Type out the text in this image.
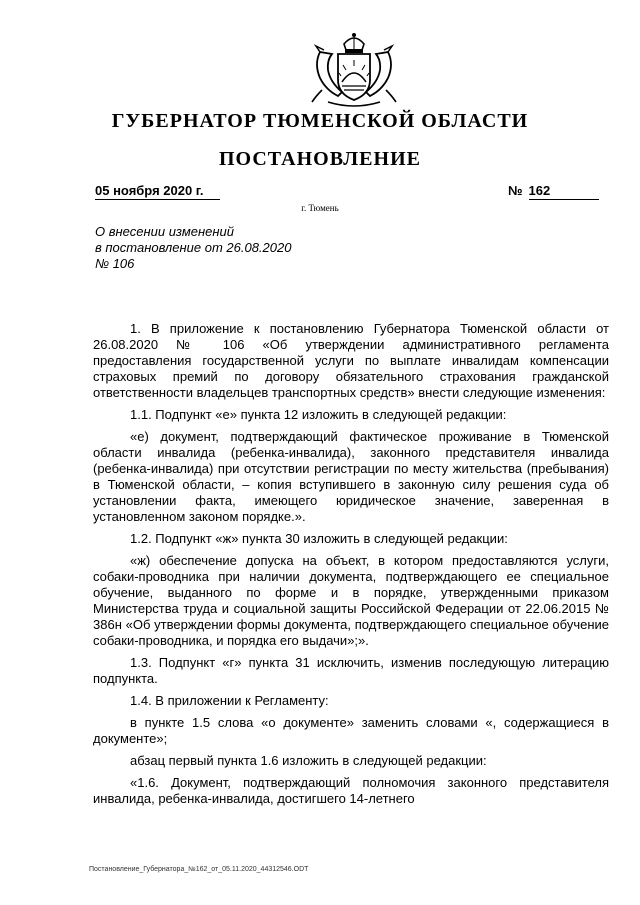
ГУБЕРНАТОР ТЮМЕНСКОЙ ОБЛАСТИ
ПОСТАНОВЛЕНИЕ
05 ноября 2020 г.	№ 162
г. Тюмень
О внесении изменений
в постановление от 26.08.2020
№ 106

1. В приложение к постановлению Губернатора Тюменской области от 26.08.2020 № 106 «Об утверждении административного регламента предоставления государственной услуги по выплате инвалидам компенсации страховых премий по договору обязательного страхования гражданской ответственности владельцев транспортных средств» внести следующие изменения:

1.1. Подпункт «е» пункта 12 изложить в следующей редакции:

«е) документ, подтверждающий фактическое проживание в Тюменской области инвалида (ребенка-инвалида), законного представителя инвалида (ребенка-инвалида) при отсутствии регистрации по месту жительства (пребывания) в Тюменской области, – копия вступившего в законную силу решения суда об установлении факта, имеющего юридическое значение, заверенная в установленном законом порядке.».

1.2. Подпункт «ж» пункта 30 изложить в следующей редакции:

«ж) обеспечение допуска на объект, в котором предоставляются услуги, собаки-проводника при наличии документа, подтверждающего ее специальное обучение, выданного по форме и в порядке, утвержденными приказом Министерства труда и социальной защиты Российской Федерации от 22.06.2015 № 386н «Об утверждении формы документа, подтверждающего специальное обучение собаки-проводника, и порядка его выдачи»;».

1.3. Подпункт «г» пункта 31 исключить, изменив последующую литерацию подпункта.

1.4. В приложении к Регламенту:

в пункте 1.5 слова «о документе» заменить словами «, содержащиеся в документе»;

абзац первый пункта 1.6 изложить в следующей редакции:

«1.6. Документ, подтверждающий полномочия законного представителя инвалида, ребенка-инвалида, достигшего 14-летнего

Постановление_Губернатора_№162_от_05.11.2020_44312546.ODT
